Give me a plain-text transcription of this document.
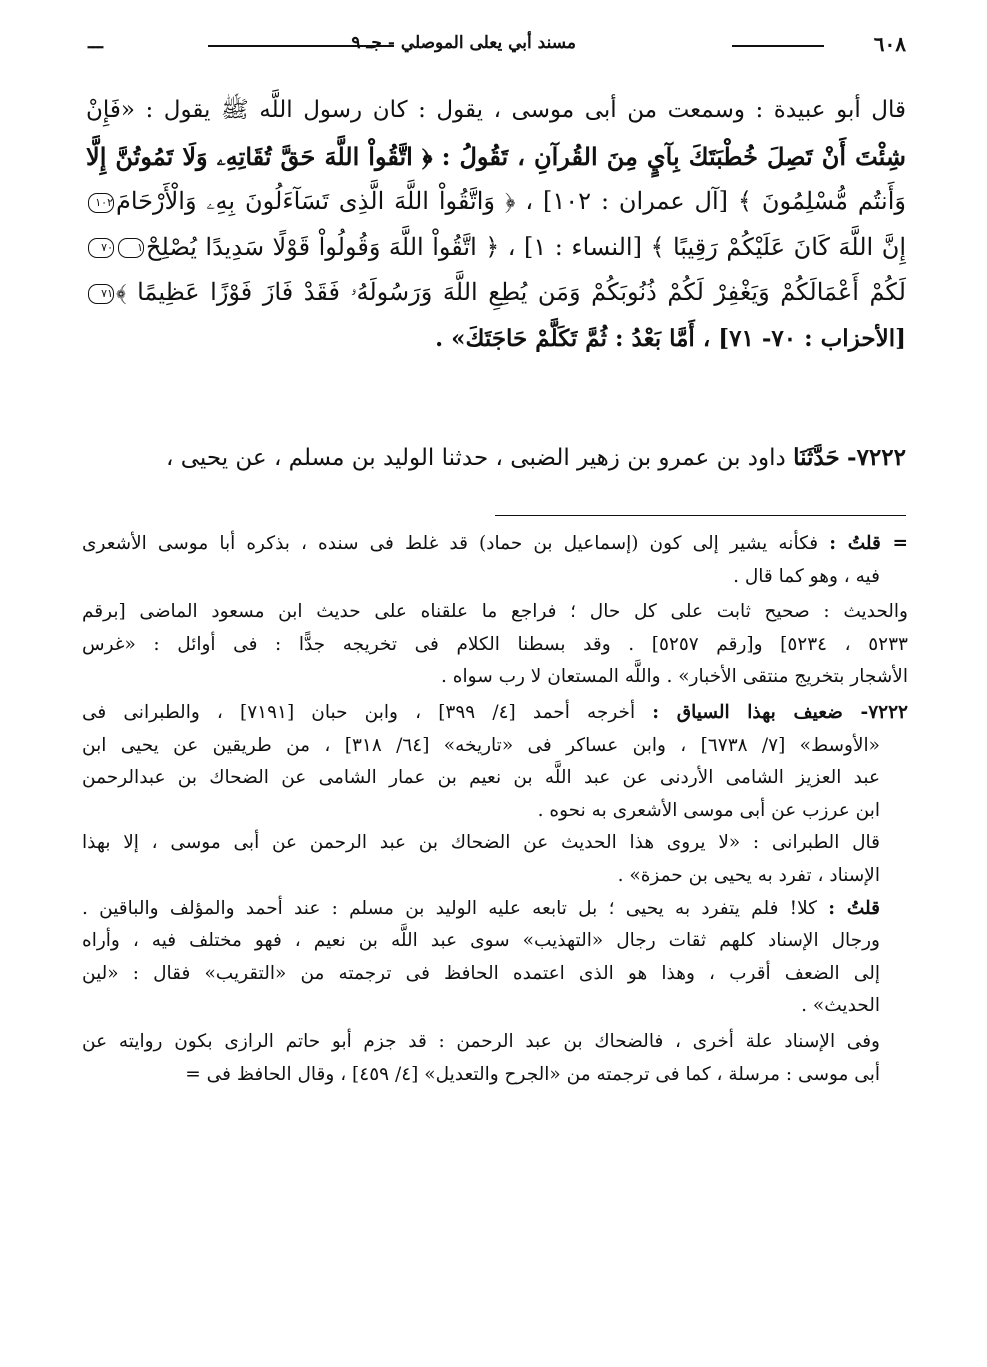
٦٠٨
مسند أبي يعلى الموصلي - جـ ٩
ـــ

قال أبو عبيدة : وسمعت من أبى موسى ، يقول : كان رسول اللَّه ﷺ يقول : «فَإِنْ
شِئْتَ أَنْ تَصِلَ خُطْبَتَكَ بِآيٍ مِنَ القُرآنِ ، تَقُولُ : ﴿ اتَّقُواْ اللَّهَ حَقَّ تُقَاتِهِۦ وَلَا تَمُوتُنَّ إِلَّا
وَأَنتُم مُّسْلِمُونَ ﴾ [آل عمران : ١٠٢] ، ﴿ وَاتَّقُواْ اللَّهَ الَّذِى تَسَآءَلُونَ بِهِۦ وَالْأَرْحَامَ١٠٢
إِنَّ اللَّهَ كَانَ عَلَيْكُمْ رَقِيبًا ﴾ [النساء : ١] ، ﴿ اتَّقُواْ اللَّهَ وَقُولُواْ قَوْلًا سَدِيدًا يُصْلِحْ١٧٠
لَكُمْ أَعْمَالَكُمْ وَيَغْفِرْ لَكُمْ ذُنُوبَكُمْ وَمَن يُطِعِ اللَّهَ وَرَسُولَهُۥ فَقَدْ فَازَ فَوْزًا عَظِيمًا ﴾٧١
[الأحزاب : ٧٠- ٧١] ، أَمَّا بَعْدُ : ثُمَّ تَكَلَّمْ حَاجَتَكَ» .

٧٢٢٢- حَدَّثَنَا داود بن عمرو بن زهير الضبى ، حدثنا الوليد بن مسلم ، عن يحيى ،

= قلتُ : فكأنه يشير إلى كون (إسماعيل بن حماد) قد غلط فى سنده ، بذكره أبا موسى الأشعرى
فيه ، وهو كما قال .

والحديث : صحيح ثابت على كل حال ؛ فراجع ما علقناه على حديث ابن مسعود الماضى [برقم
٥٢٣٣ ، ٥٢٣٤] و[رقم ٥٢٥٧] . وقد بسطنا الكلام فى تخريجه جدًّا : فى أوائل : «غرس
الأشجار بتخريج منتقى الأخبار» . واللَّه المستعان لا رب سواه .

٧٢٢٢- ضعيف بهذا السياق : أخرجه أحمد [٤/ ٣٩٩] ، وابن حبان [٧١٩١] ، والطبرانى فى
«الأوسط» [٧/ ٦٧٣٨] ، وابن عساكر فى «تاريخه» [٦٤/ ٣١٨] ، من طريقين عن يحيى ابن
عبد العزيز الشامى الأردنى عن عبد اللَّه بن نعيم بن عمار الشامى عن الضحاك بن عبدالرحمن
ابن عرزب عن أبى موسى الأشعرى به نحوه .

قال الطبرانى : «لا يروى هذا الحديث عن الضحاك بن عبد الرحمن عن أبى موسى ، إلا بهذا
الإسناد ، تفرد به يحيى بن حمزة» .

قلتُ : كلا! فلم يتفرد به يحيى ؛ بل تابعه عليه الوليد بن مسلم : عند أحمد والمؤلف والباقين .
ورجال الإسناد كلهم ثقات رجال «التهذيب» سوى عبد اللَّه بن نعيم ، فهو مختلف فيه ، وأراه
إلى الضعف أقرب ، وهذا هو الذى اعتمده الحافظ فى ترجمته من «التقريب» فقال : «لين
الحديث» .

وفى الإسناد علة أخرى ، فالضحاك بن عبد الرحمن : قد جزم أبو حاتم الرازى بكون روايته عن
أبى موسى : مرسلة ، كما فى ترجمته من «الجرح والتعديل» [٤/ ٤٥٩] ، وقال الحافظ فى =
